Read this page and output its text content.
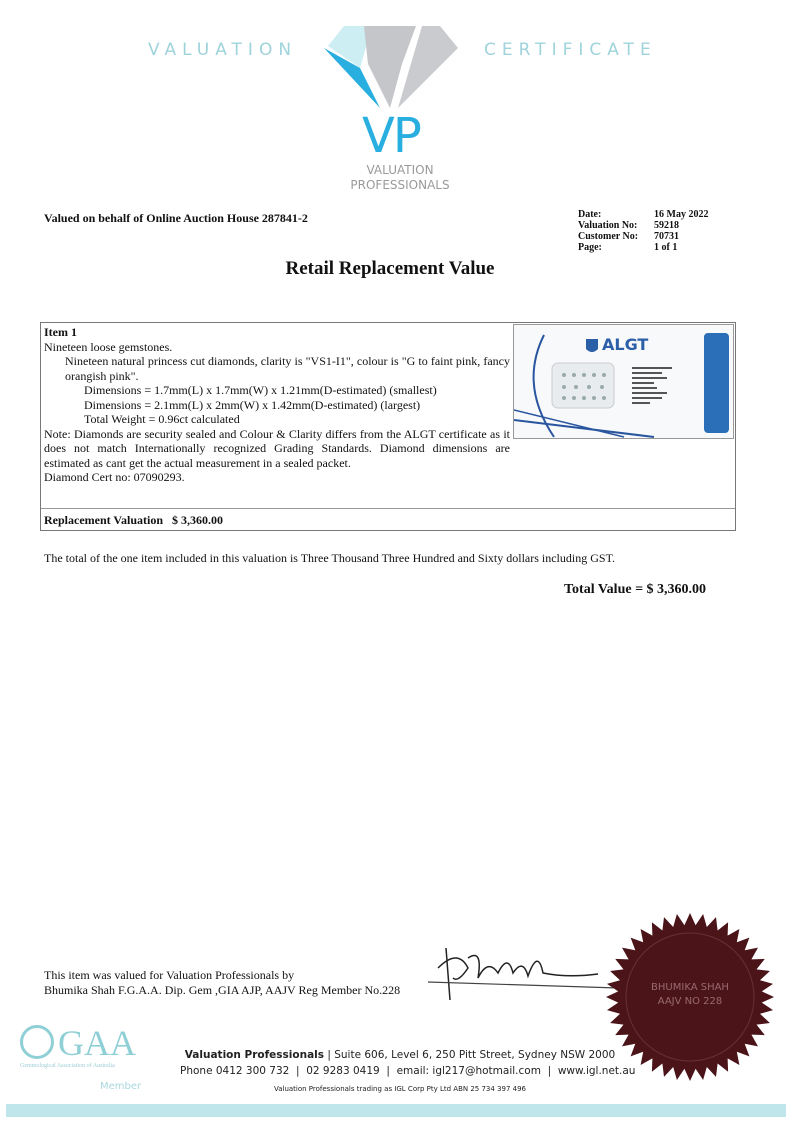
VALUATION	CERTIFICATE
VP
VALUATION
PROFESSIONALS
Valued on behalf of Online Auction House 287841-2	Date:	16 May 2022
Valuation No:	59218
Customer No:	70731
Page:	1 of 1
Retail Replacement Value
Item 1
Nineteen loose gemstones.
Nineteen natural princess cut diamonds, clarity is "VS1-I1", colour is "G to faint pink, fancy orangish pink".
Dimensions = 1.7mm(L) x 1.7mm(W) x 1.21mm(D-estimated) (smallest)
Dimensions = 2.1mm(L) x 2mm(W) x 1.42mm(D-estimated) (largest)
Total Weight = 0.96ct calculated
Note: Diamonds are security sealed and Colour & Clarity differs from the ALGT certificate as it does not match Internationally recognized Grading Standards. Diamond dimensions are estimated as cant get the actual measurement in a sealed packet.
Diamond Cert no: 07090293.
ALGT
Replacement Valuation   $ 3,360.00
The total of the one item included in this valuation is Three Thousand Three Hundred and Sixty dollars including GST.
Total Value = $ 3,360.00
This item was valued for Valuation Professionals by
Bhumika Shah F.G.A.A. Dip. Gem ,GIA AJP, AAJV Reg Member No.228	BHUMIKA SHAH
AAJV NO 228
GAA
Gemmological Association of Australia
Member
Valuation Professionals | Suite 606, Level 6, 250 Pitt Street, Sydney NSW 2000
Phone 0412 300 732  |  02 9283 0419  |  email: igl217@hotmail.com  |  www.igl.net.au
Valuation Professionals trading as IGL Corp Pty Ltd ABN 25 734 397 496
